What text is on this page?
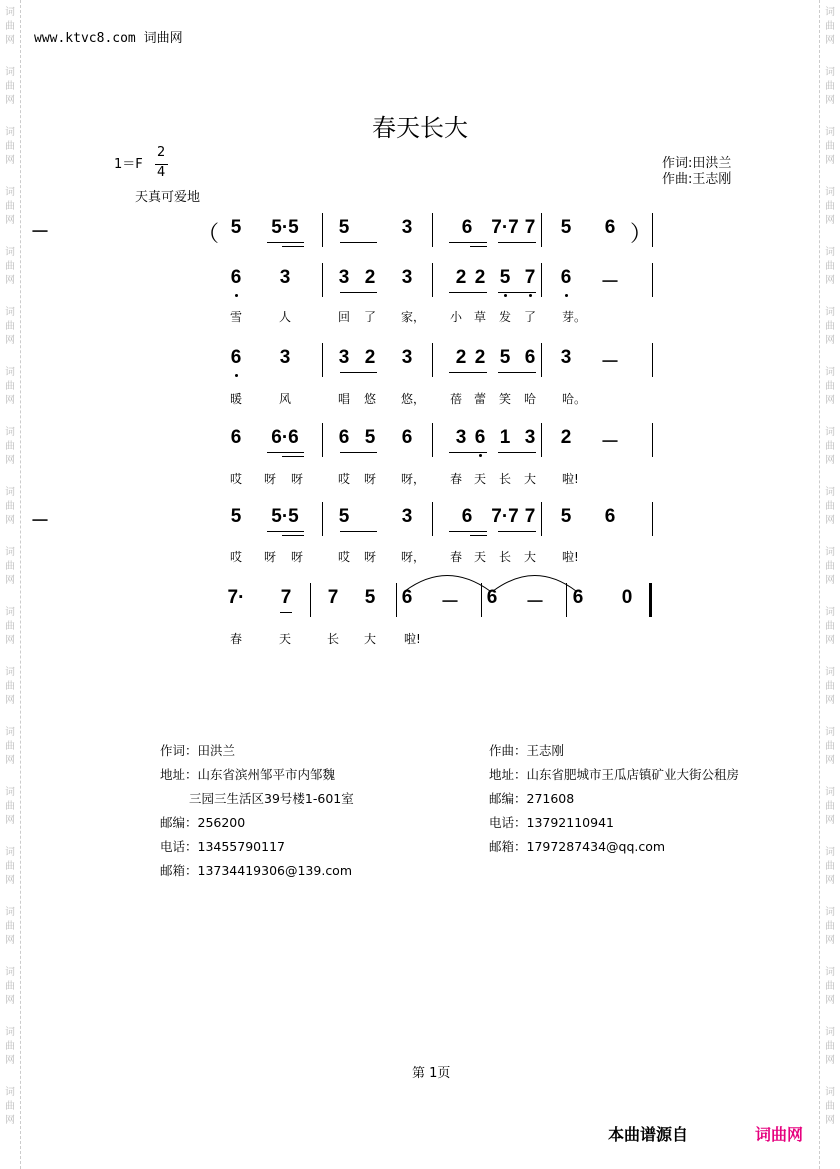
词
曲
网
词
曲
网
词
曲
网
词
曲
网
词
曲
网
词
曲
网
词
曲
网
词
曲
网
词
曲
网
词
曲
网
词
曲
网
词
曲
网
词
曲
网
词
曲
网
词
曲
网
词
曲
网
词
曲
网
词
曲
网
词
曲
网
词
曲
网
词
曲
网
词
曲
网
词
曲
网
词
曲
网
词
曲
网
词
曲
网
词
曲
网
词
曲
网
词
曲
网
词
曲
网
词
曲
网
词
曲
网
词
曲
网
词
曲
网
词
曲
网
词
曲
网
词
曲
网
词
曲
网
www.ktvc8.com 词曲网
春天长大
1＝F
2
4
天真可爱地
作词:田洪兰
作曲:王志刚
（	）
5	5·5	5	3	6 7·7 7	5	6
－
6	3	3 2	3	2 2 5 7	6	－
雪	人	回 了 家， 小 草 发 了 芽。
6	3	3 2	3	2 2 5 6	3	－
暖	风	唱 悠 悠， 蓓 蕾 笑 哈 哈。
6	6·6	6 5	6	3 6 1 3	2	－
哎 呀 呀	哎 呀 呀， 春 天 长 大 啦!
5	5·5	5	3	6 7·7 7	5	6
－
哎 呀 呀	哎 呀 呀， 春 天 长 大 啦!
7·	7	7	5	6	－	6	－	6	0
春	天	长 大 啦!
作词：田洪兰
地址：山东省滨州邹平市内邹魏
三园三生活区39号楼1-601室
邮编：256200
电话：13455790117
邮箱：13734419306@139.com
作曲：王志刚
地址：山东省肥城市王瓜店镇矿业大街公租房
邮编：271608
电话：13792110941
邮箱：1797287434@qq.com
第 1页
本曲谱源自	词曲网
